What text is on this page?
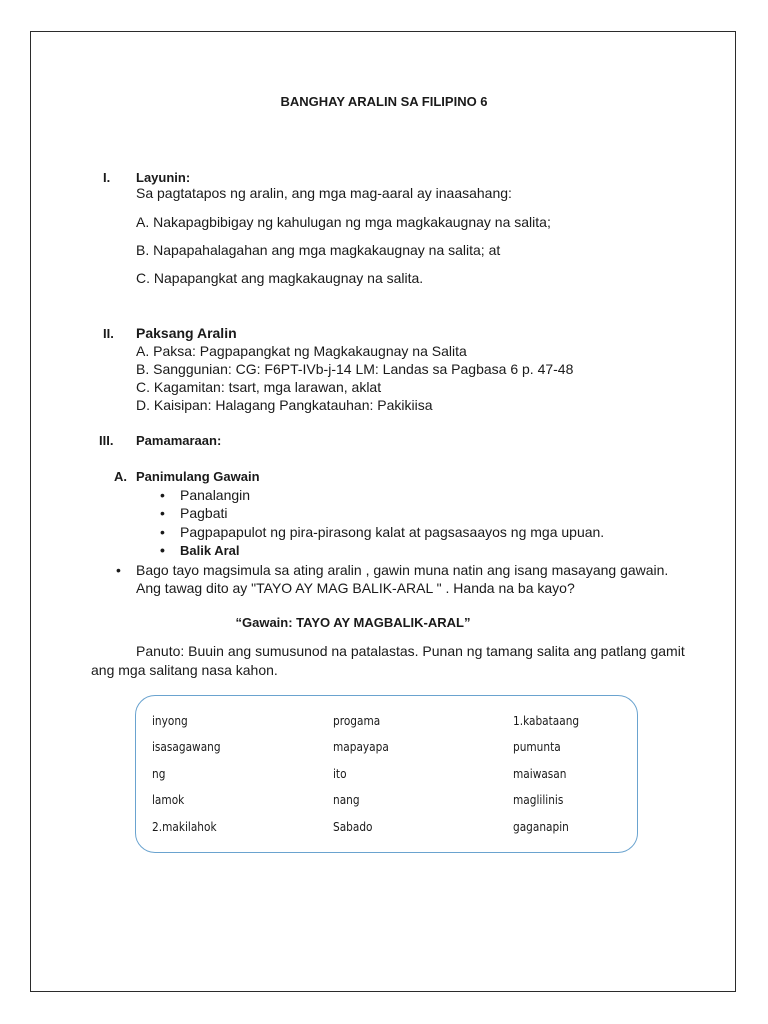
BANGHAY ARALIN SA FILIPINO 6
I. Layunin:
Sa pagtatapos ng aralin, ang mga mag-aaral ay inaasahang:
A. Nakapagbibigay ng kahulugan ng mga magkakaugnay na salita;
B. Napapahalagahan ang mga magkakaugnay na salita; at
C. Napapangkat ang magkakaugnay na salita.
II. Paksang Aralin
A. Paksa: Pagpapangkat ng Magkakaugnay na Salita
B. Sanggunian: CG: F6PT-IVb-j-14 LM: Landas sa Pagbasa 6 p. 47-48
C. Kagamitan: tsart, mga larawan, aklat
D. Kaisipan: Halagang Pangkatauhan: Pakikiisa
III. Pamamaraan:
A. Panimulang Gawain
• Panalangin
• Pagbati
• Pagpapapulot ng pira-pirasong kalat at pagsasaayos ng mga upuan.
• Balik Aral
• Bago tayo magsimula sa ating aralin , gawin muna natin ang isang masayang gawain.
Ang tawag dito ay "TAYO AY MAG BALIK-ARAL " . Handa na ba kayo?
“Gawain: TAYO AY MAGBALIK-ARAL”
Panuto: Buuin ang sumusunod na patalastas. Punan ng tamang salita ang patlang gamit
ang mga salitang nasa kahon.
inyong	progama	1.kabataang
isasagawang	mapayapa	pumunta
ng	ito	maiwasan
lamok	nang	maglilinis
2.makilahok	Sabado	gaganapin
